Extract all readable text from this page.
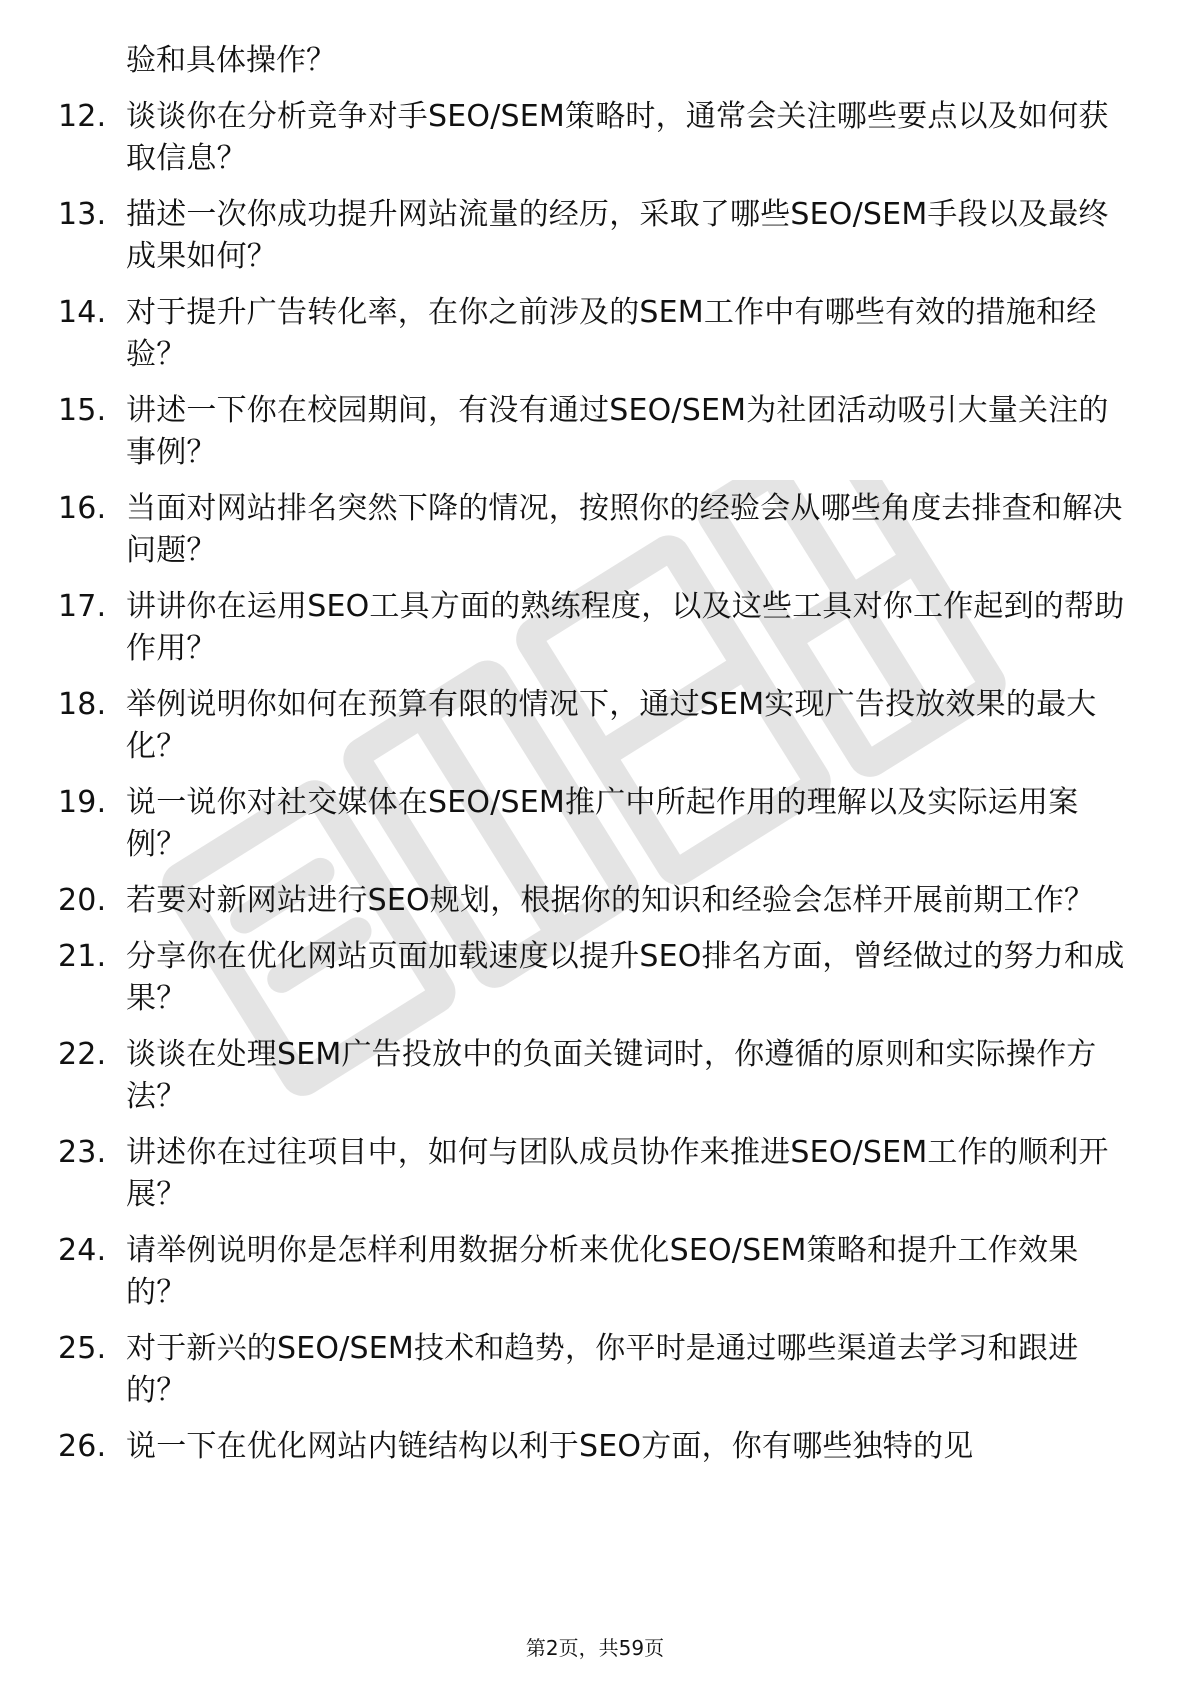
验和具体操作？
12. 谈谈你在分析竞争对手SEO/SEM策略时，通常会关注哪些要点以及如何获取信息？
13. 描述一次你成功提升网站流量的经历，采取了哪些SEO/SEM手段以及最终成果如何？
14. 对于提升广告转化率，在你之前涉及的SEM工作中有哪些有效的措施和经验？
15. 讲述一下你在校园期间，有没有通过SEO/SEM为社团活动吸引大量关注的事例？
16. 当面对网站排名突然下降的情况，按照你的经验会从哪些角度去排查和解决问题？
17. 讲讲你在运用SEO工具方面的熟练程度，以及这些工具对你工作起到的帮助作用？
18. 举例说明你如何在预算有限的情况下，通过SEM实现广告投放效果的最大化？
19. 说一说你对社交媒体在SEO/SEM推广中所起作用的理解以及实际运用案例？
20. 若要对新网站进行SEO规划，根据你的知识和经验会怎样开展前期工作？
21. 分享你在优化网站页面加载速度以提升SEO排名方面，曾经做过的努力和成果？
22. 谈谈在处理SEM广告投放中的负面关键词时，你遵循的原则和实际操作方法？
23. 讲述你在过往项目中，如何与团队成员协作来推进SEO/SEM工作的顺利开展？
24. 请举例说明你是怎样利用数据分析来优化SEO/SEM策略和提升工作效果的？
25. 对于新兴的SEO/SEM技术和趋势，你平时是通过哪些渠道去学习和跟进的？
26. 说一下在优化网站内链结构以利于SEO方面，你有哪些独特的见
第2页，共59页
